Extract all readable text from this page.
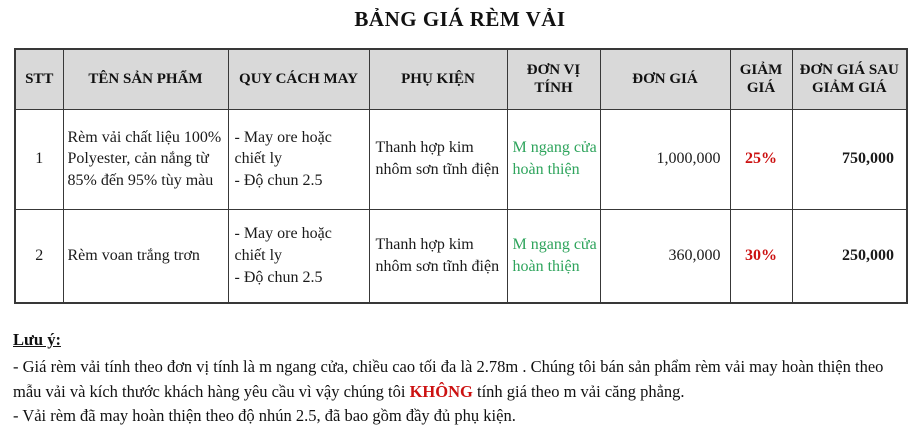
BẢNG GIÁ RÈM VẢI
STT	TÊN SẢN PHẨM	QUY CÁCH MAY	PHỤ KIỆN	ĐƠN VỊ TÍNH	ĐƠN GIÁ	GIẢM GIÁ	ĐƠN GIÁ SAU GIẢM GIÁ
1	Rèm vải chất liệu 100% Polyester, cản nắng từ 85% đến 95% tùy màu	- May ore hoặc chiết ly
- Độ chun 2.5	Thanh hợp kim nhôm sơn tĩnh điện	M ngang cửa hoàn thiện	1,000,000	25%	750,000
2	Rèm voan trắng trơn	- May ore hoặc chiết ly
- Độ chun 2.5	Thanh hợp kim nhôm sơn tĩnh điện	M ngang cửa hoàn thiện	360,000	30%	250,000
Lưu ý:
- Giá rèm vải tính theo đơn vị tính là m ngang cửa, chiều cao tối đa là 2.78m . Chúng tôi bán sản phẩm rèm vải may hoàn thiện theo mẫu vải và kích thước khách hàng yêu cầu vì vậy chúng tôi KHÔNG tính giá theo m vải căng phẳng.
- Vải rèm đã may hoàn thiện theo độ nhún 2.5, đã bao gồm đầy đủ phụ kiện.
